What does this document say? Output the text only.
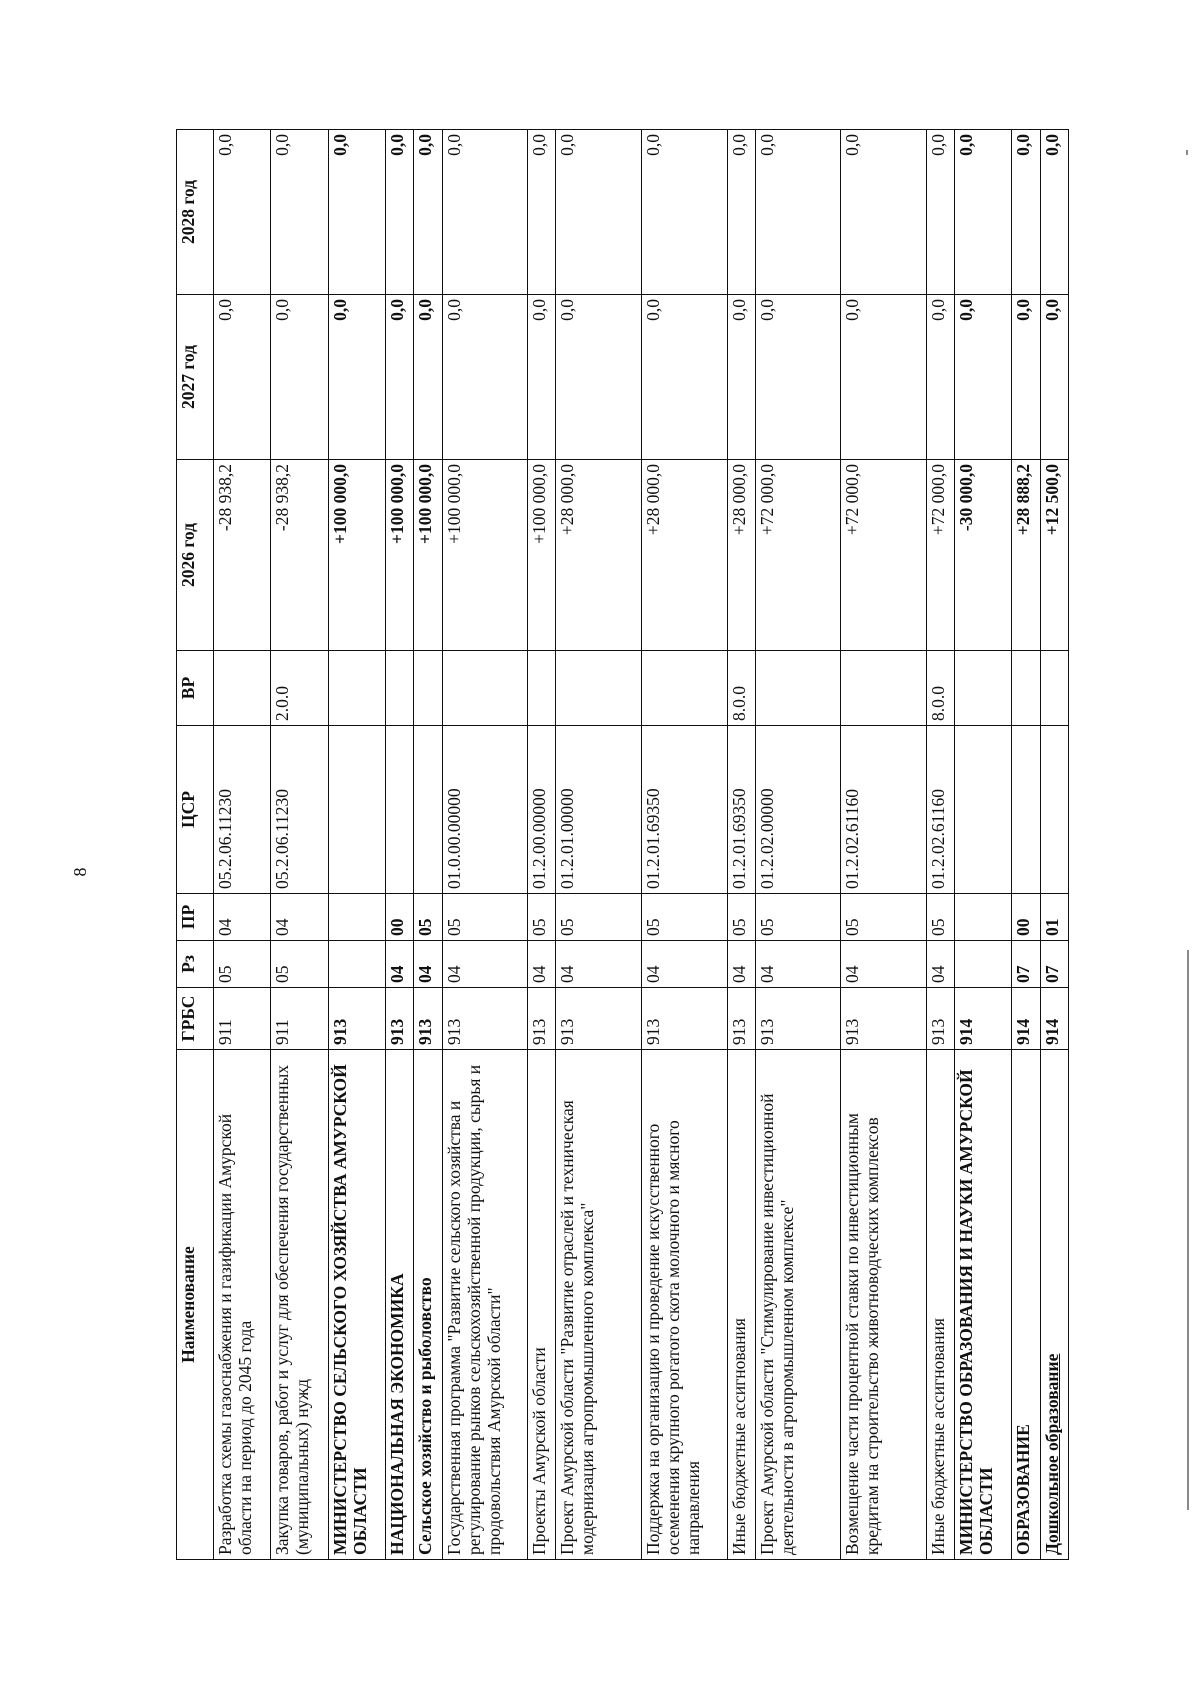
8
Наименование	ГРБС	Рз	ПР	ЦСР	ВР	2026 год	2027 год	2028 год
Разработка схемы газоснабжения и газификации Амурской области на период до 2045 года	911	05	04	05.2.06.11230		-28 938,2	0,0	0,0
Закупка товаров, работ и услуг для обеспечения государственных (муниципальных) нужд	911	05	04	05.2.06.11230	2.0.0	-28 938,2	0,0	0,0
МИНИСТЕРСТВО СЕЛЬСКОГО ХОЗЯЙСТВА АМУРСКОЙ ОБЛАСТИ	913					+100 000,0	0,0	0,0
НАЦИОНАЛЬНАЯ ЭКОНОМИКА	913	04	00			+100 000,0	0,0	0,0
Сельское хозяйство и рыболовство	913	04	05			+100 000,0	0,0	0,0
Государственная программа "Развитие сельского хозяйства и регулирование рынков сельскохозяйственной продукции, сырья и продовольствия Амурской области"	913	04	05	01.0.00.00000		+100 000,0	0,0	0,0
Проекты Амурской области	913	04	05	01.2.00.00000		+100 000,0	0,0	0,0
Проект Амурской области "Развитие отраслей и техническая модернизация агропромышленного комплекса"	913	04	05	01.2.01.00000		+28 000,0	0,0	0,0
Поддержка на организацию и проведение искусственного осеменения крупного рогатого скота молочного и мясного направления	913	04	05	01.2.01.69350		+28 000,0	0,0	0,0
Иные бюджетные ассигнования	913	04	05	01.2.01.69350	8.0.0	+28 000,0	0,0	0,0
Проект Амурской области "Стимулирование инвестиционной деятельности в агропромышленном комплексе"	913	04	05	01.2.02.00000		+72 000,0	0,0	0,0
Возмещение части процентной ставки по инвестиционным кредитам на строительство животноводческих комплексов	913	04	05	01.2.02.61160		+72 000,0	0,0	0,0
Иные бюджетные ассигнования	913	04	05	01.2.02.61160	8.0.0	+72 000,0	0,0	0,0
МИНИСТЕРСТВО ОБРАЗОВАНИЯ И НАУКИ АМУРСКОЙ ОБЛАСТИ	914					-30 000,0	0,0	0,0
ОБРАЗОВАНИЕ	914	07	00			+28 888,2	0,0	0,0
Дошкольное образование	914	07	01			+12 500,0	0,0	0,0
